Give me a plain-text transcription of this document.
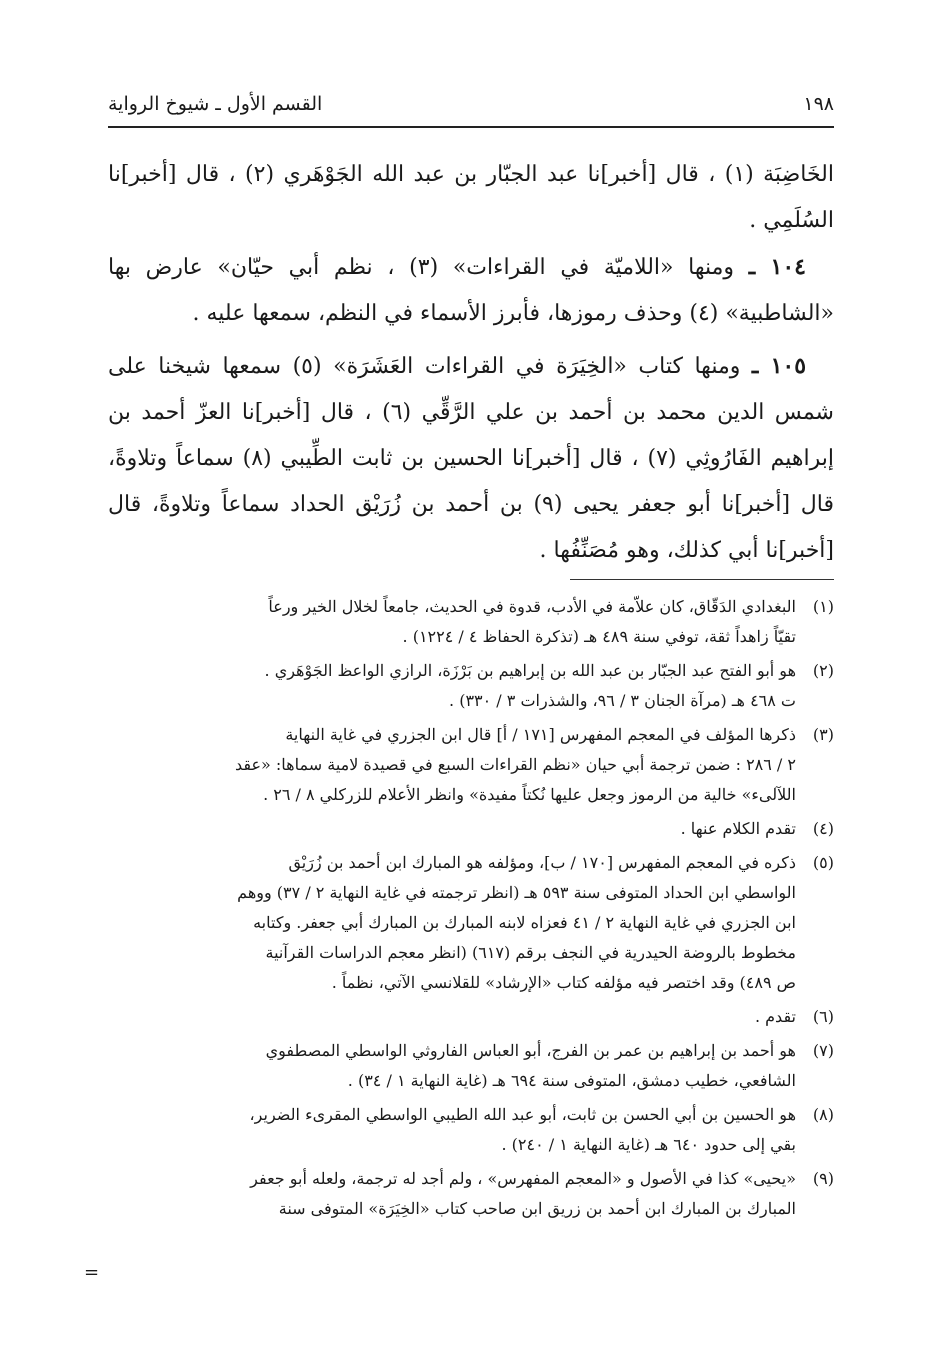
١٩٨
القسم الأول ـ شيوخ الرواية

الخَاضِبَة (١) ، قال [أخبر]نا عبد الجبّار بن عبد الله الجَوْهَري (٢) ، قال [أخبر]نا السُلَمِي .

١٠٤ ـ ومنها «اللاميّة في القراءات» (٣) ، نظم أبي حيّان» عارض بها «الشاطبية» (٤) وحذف رموزها، فأبرز الأسماء في النظم، سمعها عليه .

١٠٥ ـ ومنها كتاب «الخِيَرَة في القراءات العَشَرَة» (٥) سمعها شيخنا على شمس الدين محمد بن أحمد بن علي الرَّقِّي (٦) ، قال [أخبر]نا العزّ أحمد بن إبراهيم الفَارُوثِي (٧) ، قال [أخبر]نا الحسين بن ثابت الطِّيبي (٨) سماعاً وتلاوةً، قال [أخبر]نا أبو جعفر يحيى (٩) بن أحمد بن زُرَيْق الحداد سماعاً وتلاوةً، قال [أخبر]نا أبي كذلك، وهو مُصَنِّفُها .

(١)
البغدادي الدَقّاق، كان علاّمة في الأدب، قدوة في الحديث، جامعاً لخلال الخير ورعاً
تقيّاً زاهداً ثقة، توفي سنة ٤٨٩ هـ (تذكرة الحفاظ ٤ / ١٢٢٤) .
(٢)
هو أبو الفتح عبد الجبّار بن عبد الله بن إبراهيم بن بَرْزَة، الرازي الواعظ الجَوْهَري .
ت ٤٦٨ هـ (مرآة الجنان ٣ / ٩٦، والشذرات ٣ / ٣٣٠) .
(٣)
ذكرها المؤلف في المعجم المفهرس [١٧١ / أ] قال ابن الجزري في غاية النهاية
٢ / ٢٨٦ : ضمن ترجمة أبي حيان «نظم القراءات السبع في قصيدة لامية سماها: «عقد
اللآلىء» خالية من الرموز وجعل عليها نُكتاً مفيدة» وانظر الأعلام للزركلي ٨ / ٢٦ .
(٤)
تقدم الكلام عنها .
(٥)
ذكره في المعجم المفهرس [١٧٠ / ب]، ومؤلفه هو المبارك ابن أحمد بن زُرَيْق
الواسطي ابن الحداد المتوفى سنة ٥٩٣ هـ (انظر ترجمته في غاية النهاية ٢ / ٣٧) ووهم
ابن الجزري في غاية النهاية ٢ / ٤١ فعزاه لابنه المبارك بن المبارك أبي جعفر. وكتابه
مخطوط بالروضة الحيدرية في النجف برقم (٦١٧) (انظر معجم الدراسات القرآنية
ص ٤٨٩) وقد اختصر فيه مؤلفه كتاب «الإرشاد» للقلانسي الآتي، نظماً .
(٦)
تقدم .
(٧)
هو أحمد بن إبراهيم بن عمر بن الفرج، أبو العباس الفاروثي الواسطي المصطفوي
الشافعي، خطيب دمشق، المتوفى سنة ٦٩٤ هـ (غاية النهاية ١ / ٣٤) .
(٨)
هو الحسين بن أبي الحسن بن ثابت، أبو عبد الله الطيبي الواسطي المقرىء الضرير،
بقي إلى حدود ٦٤٠ هـ (غاية النهاية ١ / ٢٤٠) .
(٩)
«يحيى» كذا في الأصول و «المعجم المفهرس» ، ولم أجد له ترجمة، ولعله أبو جعفر
المبارك بن المبارك ابن أحمد بن زريق ابن صاحب كتاب «الخِيَرَة» المتوفى سنة
=
